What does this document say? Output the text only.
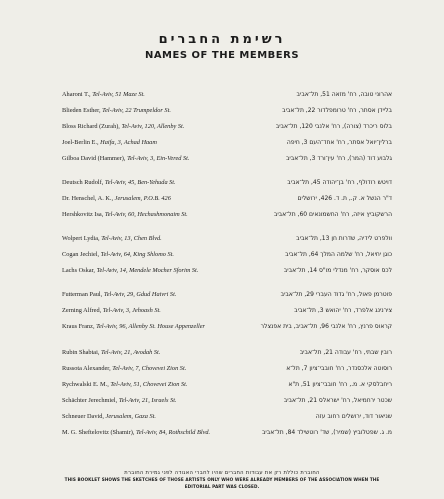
רשימת החברים
NAMES OF THE MEMBERS
Aharoni T., Tel-Aviv, 51 Maze St.	אהרוני טובה, רח' מזאה 51, תל־אביב
Blieden Esther, Tel-Aviv, 22 Trumpeldor St.	בליידן אסתר, רח' טרומפלדור 22, תל־אביב
Bloss Richard (Zurah), Tel-Aviv, 120, Allenby St.	בלוס ריכרד (צורה), רח' אלנבי 120, תל־אביב
Joel-Berlin E., Haifa, 3, Achad Haam	ברלין־יואל אסתר, רח' אחד־העם 3, חיפה
Gilboa David (Hammer), Tel-Aviv, 3, Ein-Vered St.	גלבוע דוד (המר), רח' עין־ורד 3, תל־אביב
Deutsch Rudolf, Tel-Aviv, 45, Ben-Yehuda St.	דויטש רודולף, רח' בן־יהודה 45, תל־אביב
Dr. Henschel, A. K., Jerusalem, P.O.B. 426	ד"ר הנשל א. ק., ת. ד. 426, ירושלים
Hershkovitz Isa, Tel-Aviv, 60, Hechashmonaim St.	הרשקוביץ איזה, רח' החשמונאים 60, תל־אביב
Wolpert Lydia, Tel-Aviv, 13, Chen Blvd.	וולפרט לידיה, שדרות חן 13, תל־אביב
Cogan Jechiel, Tel-Aviv, 64, King Shlomo St.	כוגן יחיאל, רח' שלמה המלך 64, תל־אביב
Lachs Oskar, Tel-Aviv, 14, Mendele Mocher Sforim St.	לכס אוסקר, רח' מנדלי מו"ס 14, תל־אביב
Futterman Paul, Tel-Aviv, 29, Gdud Haivri St.	פוטרמן פאול, רח' גדוד העברי 29, תל־אביב
Zerning Alfred, Tel-Aviv, 3, Jehoash St.	צירנינג אלפרד, רח' יהואש 3, תל־אביב
Kraus Franz, Tel-Aviv, 96, Allenby St. House Appenzeller	קראוס פרנץ, רח' אלנבי 96, תל־אביב, בית אפנצלר
Rubin Shabtai, Tel-Aviv, 21, Avodah St.	רובין שבתי, רח' עבודה 21, תל־אביב
Russota Alexander, Tel-Aviv, 7, Chovevei Zion St.	רוסוטה אלכסנדר, רח' חובבי־ציון 7, תל־א
Rychwalski E. M., Tel-Aviv, 51, Chovevei Zion St.	ריחבלסקי א. מ., רח' חובבי־ציון 51, ת"א
Schächter Jerechmiel, Tel-Aviv, 21, Israels St.	שכטר ירחמיאל, רח' ישראלס 21, תל־אביב
Schneuer David, Jerusalem, Gaza St.	שניאור דוד, ירושלים רחוב עזה
M. G. Sheftelovitz (Shamir), Tel-Aviv, 84, Rothschild Blvd.	מ. ג. שפטלוביץ (שמיר), שד' רוטשילד 84, תל־אביב
החוברת כוללת רק את עבודות החברים שהיו לחברי האגודה לפני גמירת החוברת
THIS BOOKLET SHOWS THE SKETCHES OF THOSE ARTISTS ONLY WHO WERE ALREADY MEMBERS OF THE ASSOCIATION WHEN THE
EDITORIAL PART WAS CLOSED.
